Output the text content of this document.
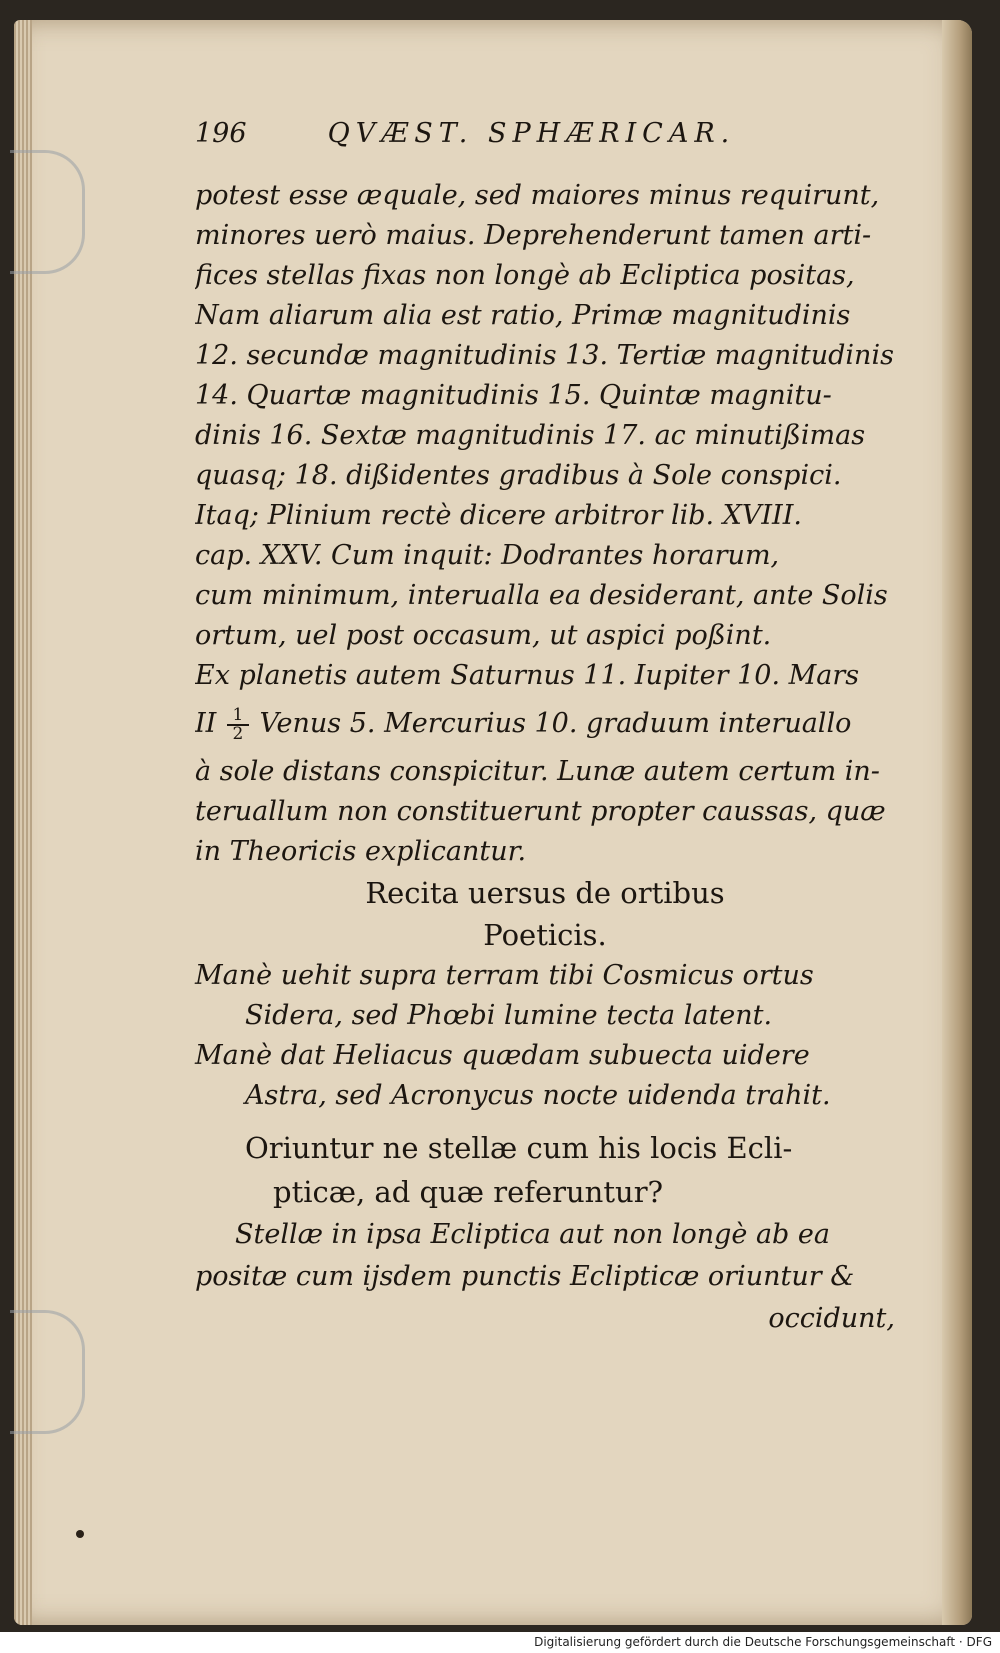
196	QVÆST. SPHÆRICAR.
potest esse æquale, sed maiores minus requirunt,
minores uerò maius. Deprehenderunt tamen arti-
fices stellas fixas non longè ab Ecliptica positas,
Nam aliarum alia est ratio, Primæ magnitudinis
12. secundæ magnitudinis 13. Tertiæ magnitudinis
14. Quartæ magnitudinis 15. Quintæ magnitu-
dinis 16. Sextæ magnitudinis 17. ac minutißimas
quasq; 18. dißidentes gradibus à Sole conspici.
Itaq; Plinium rectè dicere arbitror lib. XVIII.
cap. XXV. Cum inquit: Dodrantes horarum,
cum minimum, interualla ea desiderant, ante Solis
ortum, uel post occasum, ut aspici poßint.
Ex planetis autem Saturnus 11. Iupiter 10. Mars
II $\frac{1}{2}$ Venus 5. Mercurius 10. graduum interuallo
à sole distans conspicitur. Lunæ autem certum in-
teruallum non constituerunt propter caussas, quæ
in Theoricis explicantur.
Recita uersus de ortibus
Poeticis.
Manè uehit supra terram tibi Cosmicus ortus
Sidera, sed Phœbi lumine tecta latent.
Manè dat Heliacus quædam subuecta uidere
Astra, sed Acronycus nocte uidenda trahit.
Oriuntur ne stellæ cum his locis Ecli-
pticæ, ad quæ referuntur?
Stellæ in ipsa Ecliptica aut non longè ab ea
positæ cum ijsdem punctis Eclipticæ oriuntur &
occidunt,
Digitalisierung gefördert durch die Deutsche Forschungsgemeinschaft · DFG
